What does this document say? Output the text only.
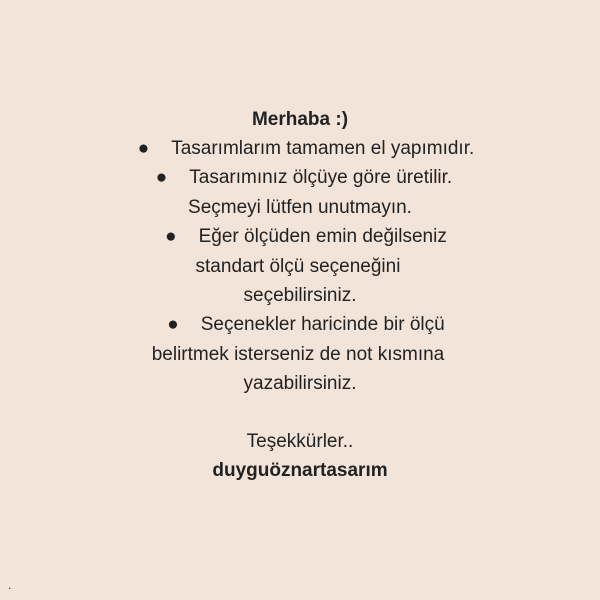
Merhaba :)
● Tasarımlarım tamamen el yapımıdır.
● Tasarımınız ölçüye göre üretilir.
Seçmeyi lütfen unutmayın.
● Eğer ölçüden emin değilseniz
standart ölçü seçeneğini
seçebilirsiniz.
● Seçenekler haricinde bir ölçü
belirtmek isterseniz de not kısmına
yazabilirsiniz.
Teşekkürler..
duyguöznartasarım
.
